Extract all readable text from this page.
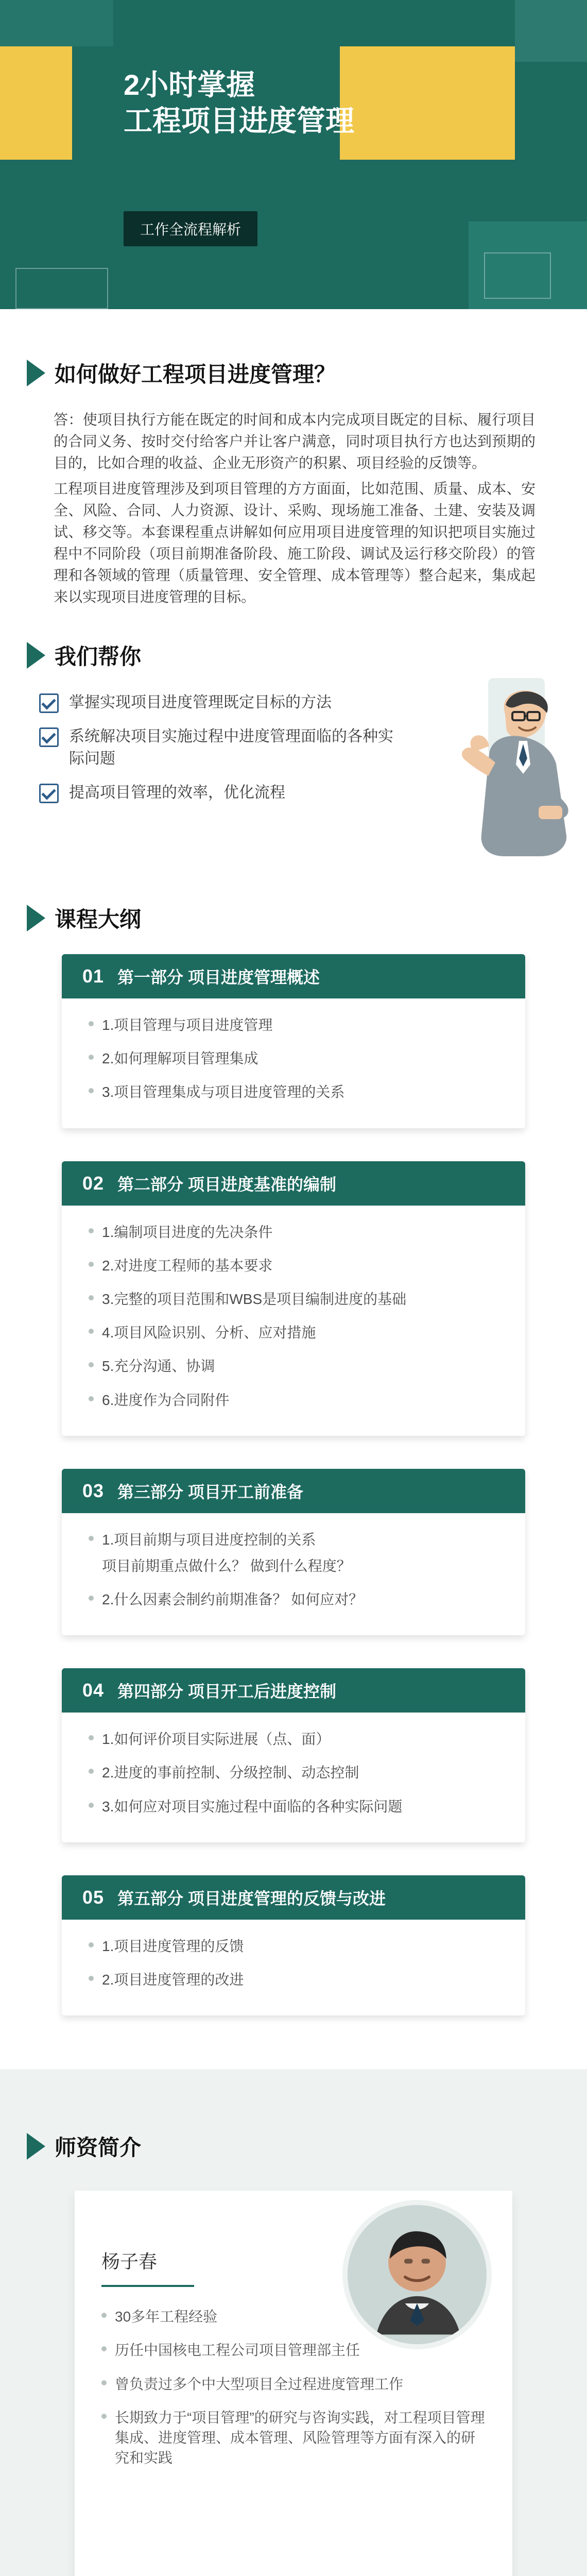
2小时掌握
工程项目进度管理
工作全流程解析
如何做好工程项目进度管理？

答：使项目执行方能在既定的时间和成本内完成项目既定的目标、履行项目的合同义务、按时交付给客户并让客户满意，同时项目执行方也达到预期的目的，比如合理的收益、企业无形资产的积累、项目经验的反馈等。

工程项目进度管理涉及到项目管理的方方面面，比如范围、质量、成本、安全、风险、合同、人力资源、设计、采购、现场施工准备、土建、安装及调试、移交等。本套课程重点讲解如何应用项目进度管理的知识把项目实施过程中不同阶段（项目前期准备阶段、施工阶段、调试及运行移交阶段）的管理和各领域的管理（质量管理、安全管理、成本管理等）整合起来，集成起来以实现项目进度管理的目标。

我们帮你
掌握实现项目进度管理既定目标的方法
系统解决项目实施过程中进度管理面临的各种实际问题
提高项目管理的效率，优化流程
课程大纲
01 第一部分 项目进度管理概述
1.项目管理与项目进度管理
2.如何理解项目管理集成
3.项目管理集成与项目进度管理的关系
02 第二部分 项目进度基准的编制
1.编制项目进度的先决条件
2.对进度工程师的基本要求
3.完整的项目范围和WBS是项目编制进度的基础
4.项目风险识别、分析、应对措施
5.充分沟通、协调
6.进度作为合同附件
03 第三部分 项目开工前准备
1.项目前期与项目进度控制的关系
项目前期重点做什么？ 做到什么程度？
2.什么因素会制约前期准备？ 如何应对？
04 第四部分 项目开工后进度控制
1.如何评价项目实际进展（点、面）
2.进度的事前控制、分级控制、动态控制
3.如何应对项目实施过程中面临的各种实际问题
05 第五部分 项目进度管理的反馈与改进
1.项目进度管理的反馈
2.项目进度管理的改进
师资简介
杨子春
30多年工程经验
历任中国核电工程公司项目管理部主任
曾负责过多个中大型项目全过程进度管理工作
长期致力于“项目管理”的研究与咨询实践，对工程项目管理集成、进度管理、成本管理、风险管理等方面有深入的研究和实践
